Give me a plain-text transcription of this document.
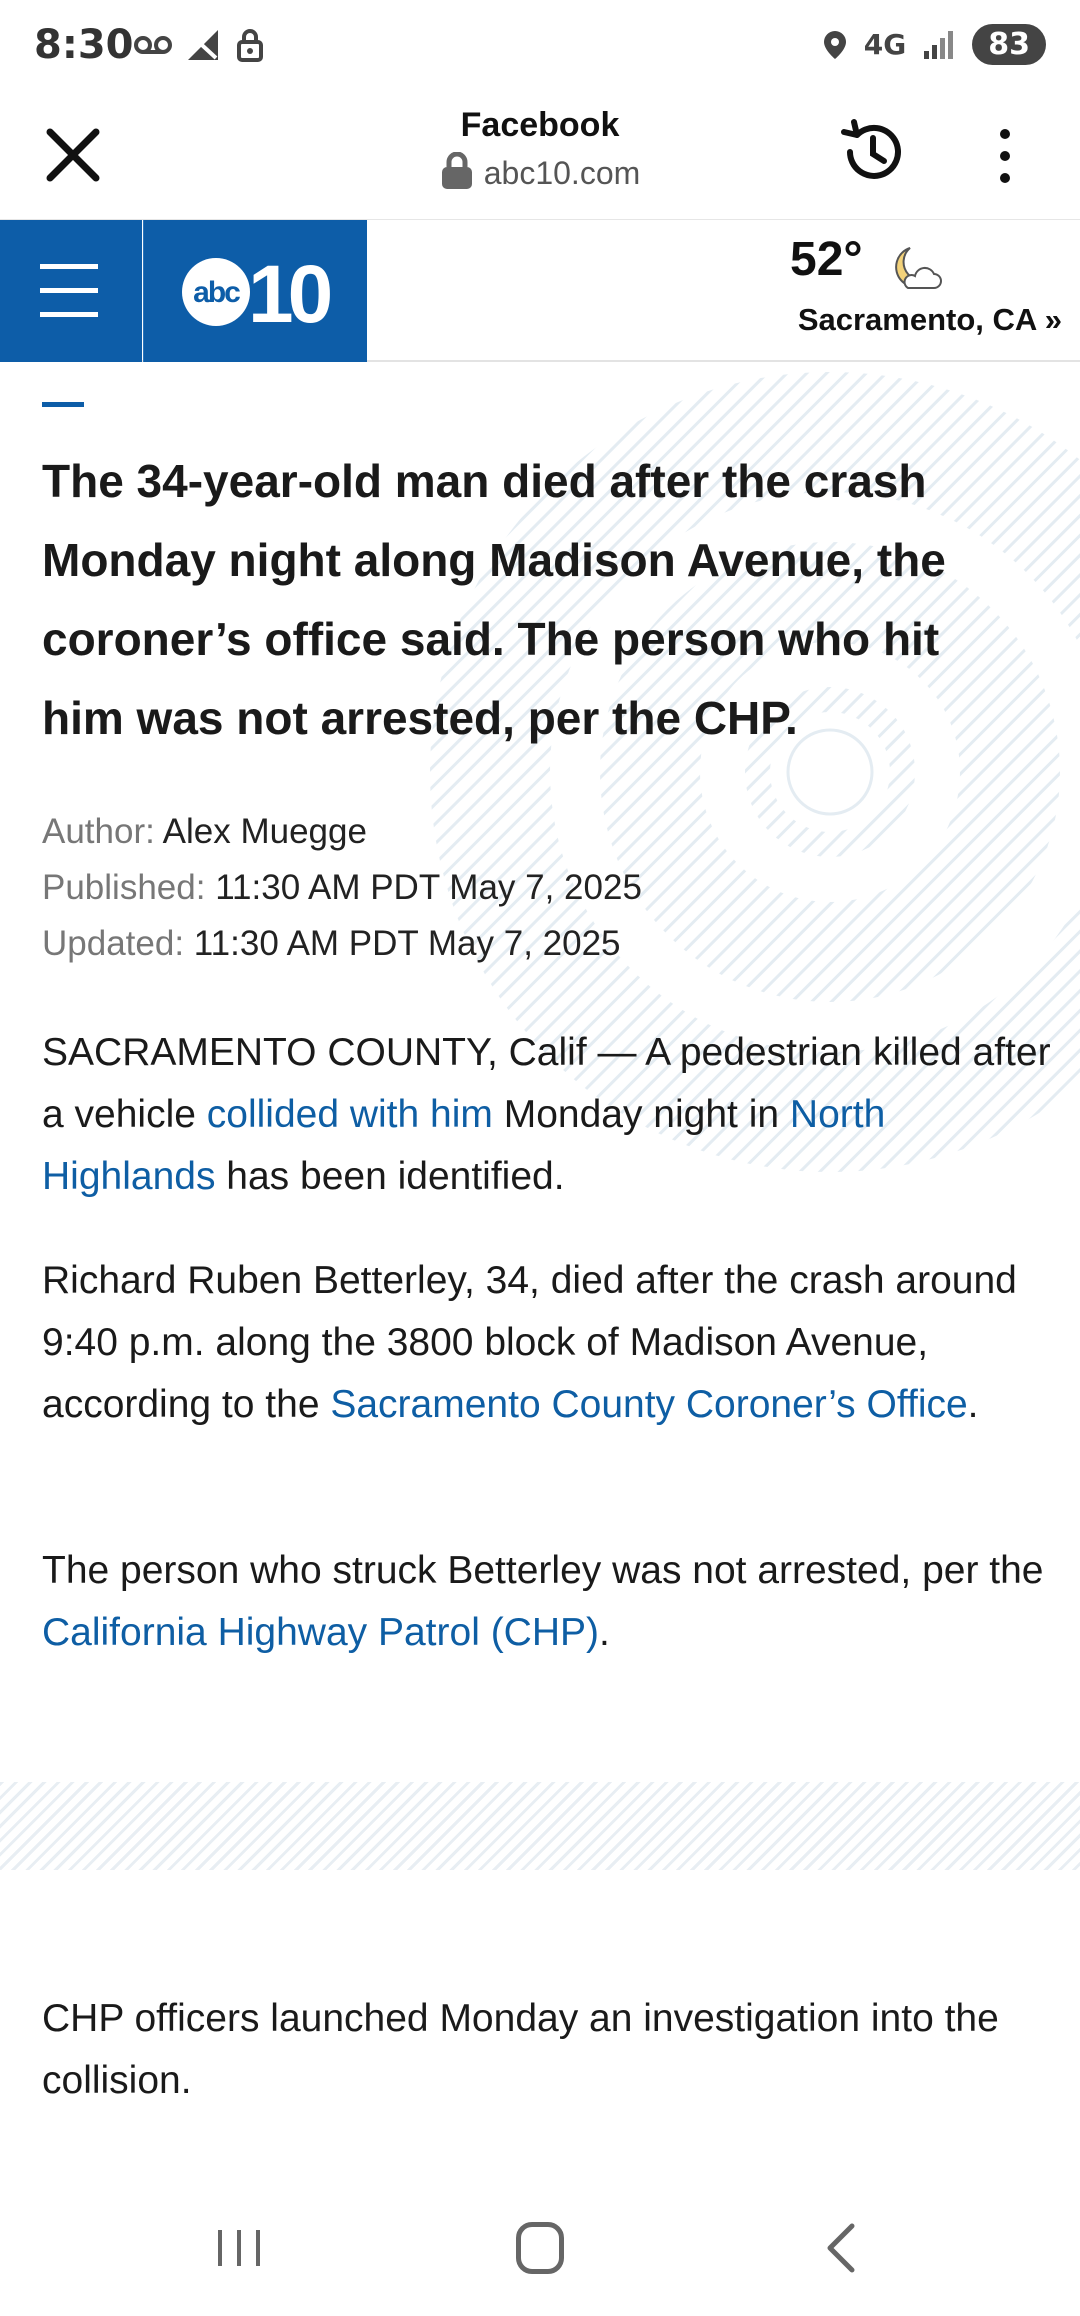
8:30	4G	83
Facebook
abc10.com
abc 10	52°
Sacramento, CA »
The 34-year-old man died after the crash Monday night along Madison Avenue, the coroner’s office said. The person who hit him was not arrested, per the CHP.
Author: Alex Muegge
Published: 11:30 AM PDT May 7, 2025
Updated: 11:30 AM PDT May 7, 2025

SACRAMENTO COUNTY, Calif — A pedestrian killed after a vehicle collided with him Monday night in North Highlands has been identified.

Richard Ruben Betterley, 34, died after the crash around 9:40 p.m. along the 3800 block of Madison Avenue, according to the Sacramento County Coroner’s Office.

The person who struck Betterley was not arrested, per the California Highway Patrol (CHP).

CHP officers launched Monday an investigation into the collision.
